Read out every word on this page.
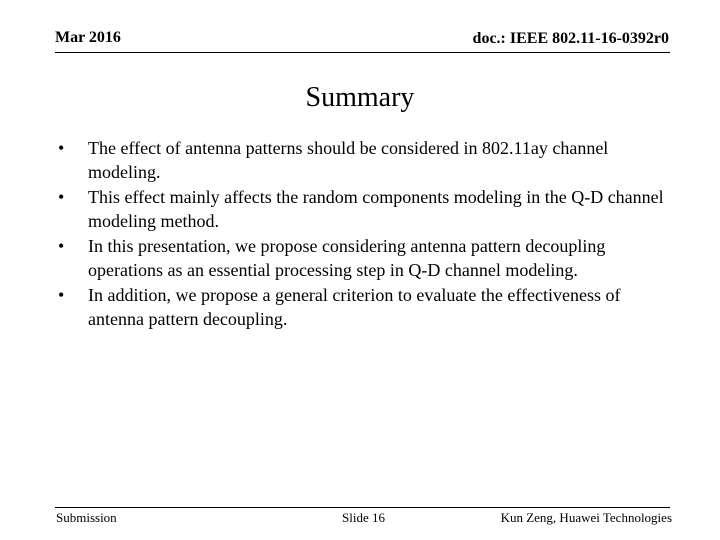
Mar 2016	doc.: IEEE 802.11-16-0392r0
Summary
•	The effect of antenna patterns should be considered in 802.11ay channel modeling.
•	This effect mainly affects the random components modeling in the Q-D channel modeling method.
•	In this presentation, we propose considering antenna pattern decoupling operations as an essential processing step in Q-D channel modeling.
•	In addition, we propose a general criterion to evaluate the effectiveness of antenna pattern decoupling.
Submission	Slide 16	Kun Zeng, Huawei Technologies
